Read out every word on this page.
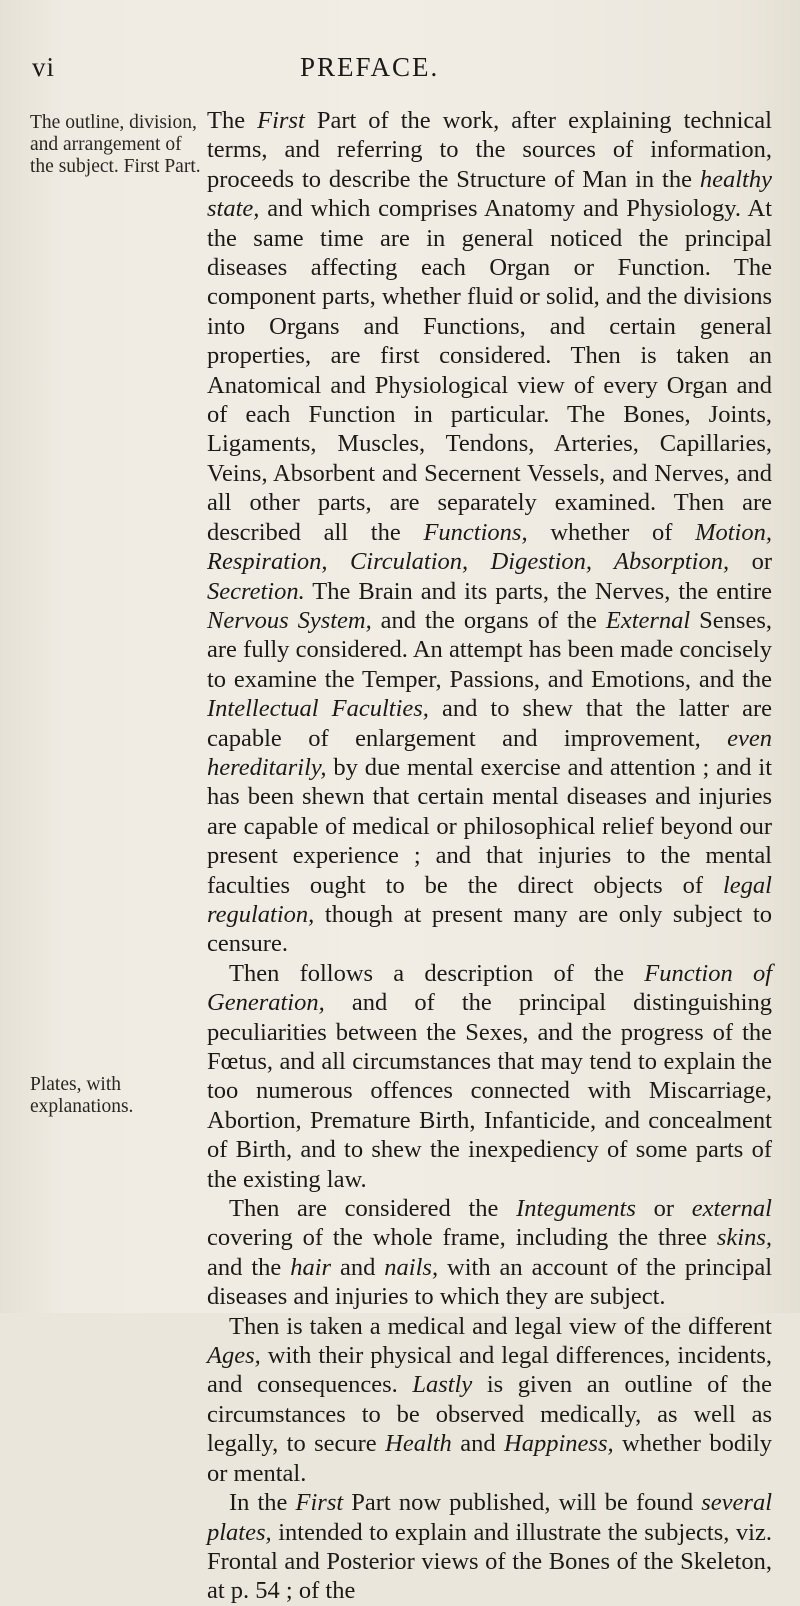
vi	PREFACE.
The outline, division, and arrangement of the subject. First Part.
Plates, with explanations.

The First Part of the work, after explaining technical terms, and referring to the sources of information, proceeds to describe the Structure of Man in the healthy state, and which comprises Anatomy and Physiology. At the same time are in general noticed the principal diseases affecting each Organ or Function. The component parts, whether fluid or solid, and the divisions into Organs and Functions, and certain general properties, are first considered. Then is taken an Anatomical and Physiological view of every Organ and of each Function in particular. The Bones, Joints, Ligaments, Muscles, Tendons, Arteries, Capillaries, Veins, Absorbent and Secernent Vessels, and Nerves, and all other parts, are separately examined. Then are described all the Functions, whether of Motion, Respiration, Circulation, Digestion, Absorption, or Secretion. The Brain and its parts, the Nerves, the entire Nervous System, and the organs of the External Senses, are fully considered. An attempt has been made concisely to examine the Temper, Passions, and Emotions, and the Intellectual Faculties, and to shew that the latter are capable of enlargement and improvement, even hereditarily, by due mental exercise and attention ; and it has been shewn that certain mental diseases and injuries are capable of medical or philosophical relief beyond our present experience ; and that injuries to the mental faculties ought to be the direct objects of legal regulation, though at present many are only subject to censure.

Then follows a description of the Function of Generation, and of the principal distinguishing peculiarities between the Sexes, and the progress of the Fœtus, and all circumstances that may tend to explain the too numerous offences connected with Miscarriage, Abortion, Premature Birth, Infanticide, and concealment of Birth, and to shew the inexpediency of some parts of the existing law.

Then are considered the Integuments or external covering of the whole frame, including the three skins, and the hair and nails, with an account of the principal diseases and injuries to which they are subject.

Then is taken a medical and legal view of the different Ages, with their physical and legal differences, incidents, and consequences. Lastly is given an outline of the circumstances to be observed medically, as well as legally, to secure Health and Happiness, whether bodily or mental.

In the First Part now published, will be found several plates, intended to explain and illustrate the subjects, viz. Frontal and Posterior views of the Bones of the Skeleton, at p. 54 ; of the
